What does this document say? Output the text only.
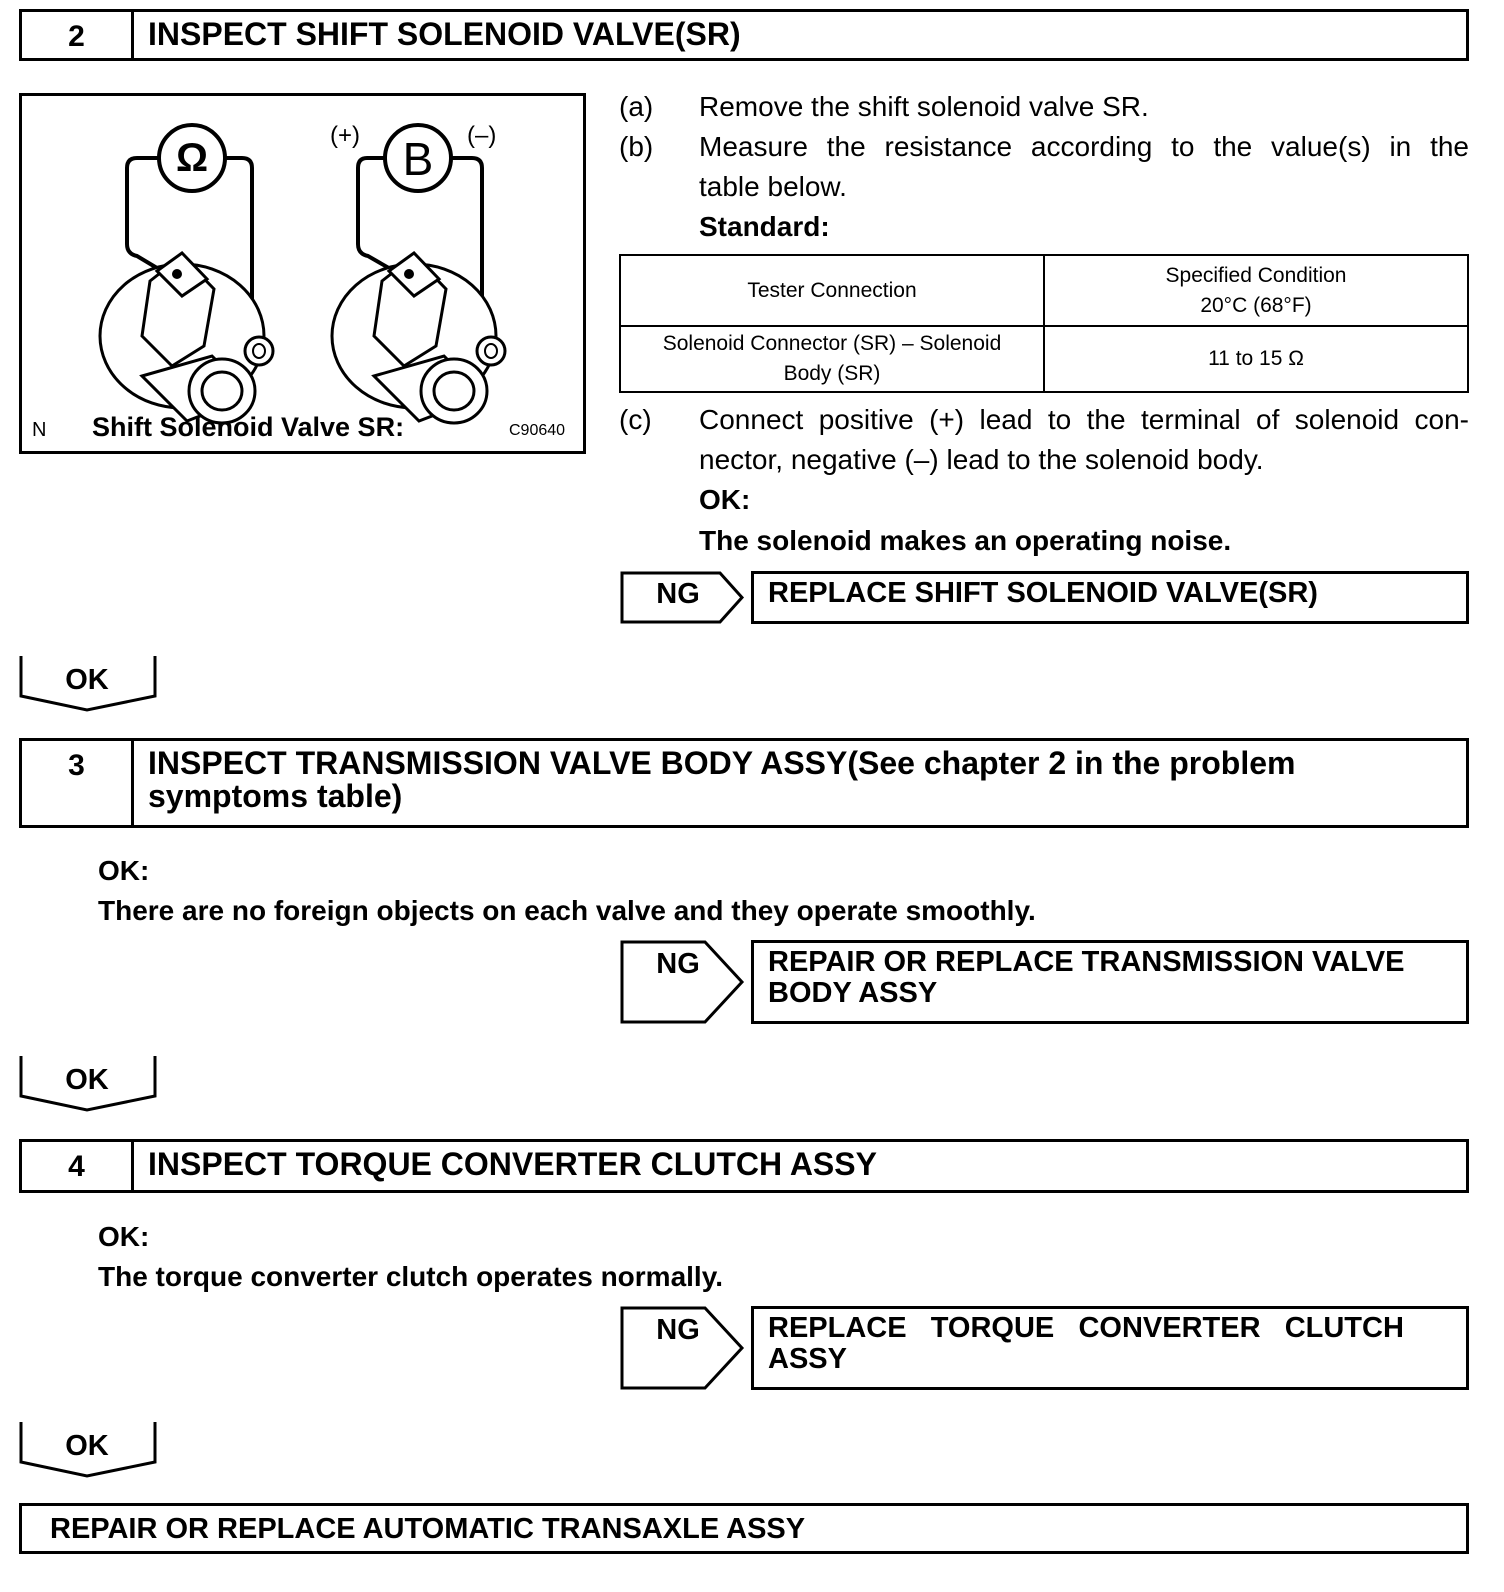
2	INSPECT SHIFT SOLENOID VALVE(SR)
Ω	B
(+)	(–)
N Shift Solenoid Valve SR:	C90640
(a) Remove the shift solenoid valve SR.
(b) Measure the resistance according to the value(s) in the
table below.
Standard:
Tester Connection	Specified Condition
20°C (68°F)

Solenoid Connector (SR) – Solenoid
Body (SR)	11 to 15 Ω
(c) Connect positive (+) lead to the terminal of solenoid con-
nector, negative (–) lead to the solenoid body.
OK:
The solenoid makes an operating noise.
NG	REPLACE SHIFT SOLENOID VALVE(SR)
OK
3	INSPECT TRANSMISSION VALVE BODY ASSY(See chapter 2 in the problem
symptoms table)
OK:
There are no foreign objects on each valve and they operate smoothly.
NG	REPAIR OR REPLACE TRANSMISSION VALVE
BODY ASSY
OK
4	INSPECT TORQUE CONVERTER CLUTCH ASSY
OK:
The torque converter clutch operates normally.
NG	REPLACE   TORQUE   CONVERTER   CLUTCH
ASSY
OK
REPAIR OR REPLACE AUTOMATIC TRANSAXLE ASSY
